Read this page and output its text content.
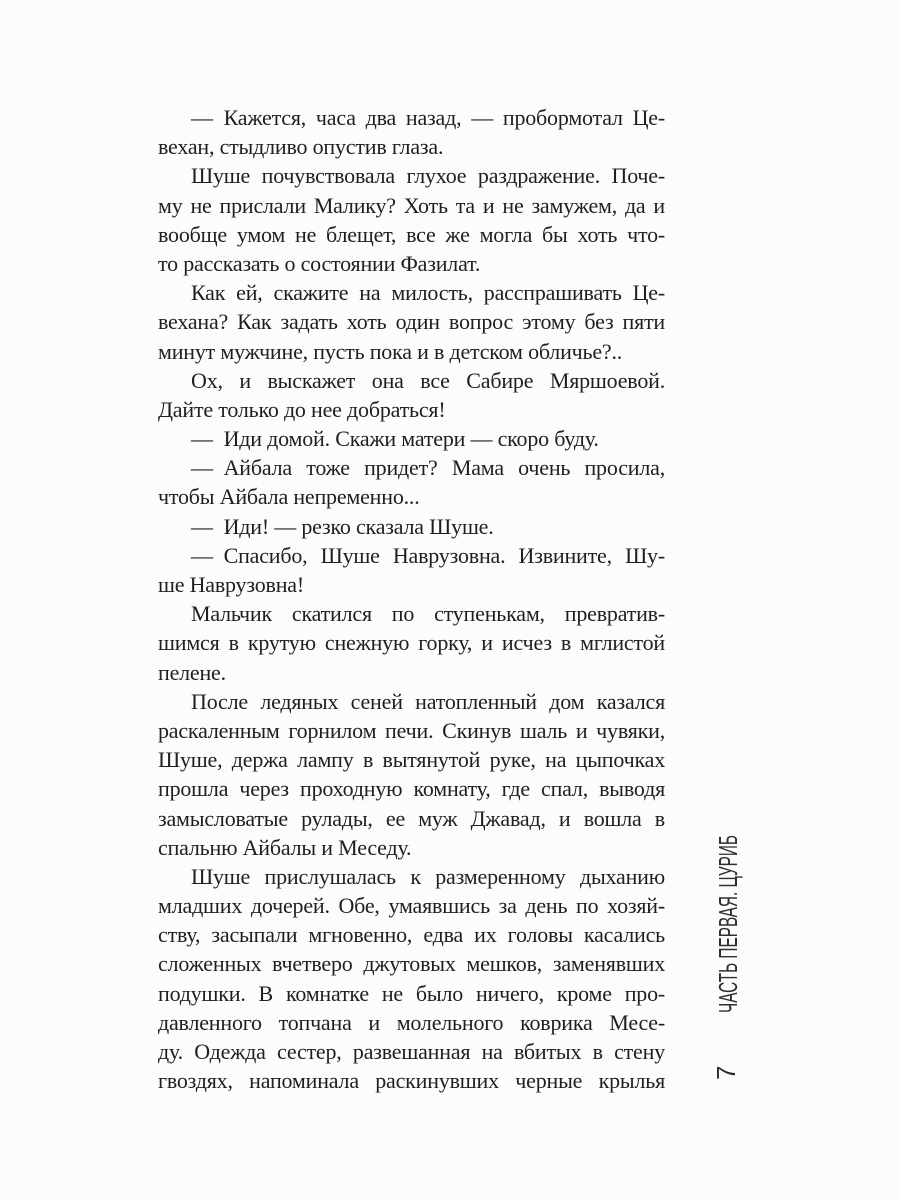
— Кажется, часа два назад, — пробормотал Це-
вехан, стыдливо опустив глаза.
Шуше почувствовала глухое раздражение. Поче-
му не прислали Малику? Хоть та и не замужем, да и
вообще умом не блещет, все же могла бы хоть что-
то рассказать о состоянии Фазилат.
Как ей, скажите на милость, расспрашивать Це-
вехана? Как задать хоть один вопрос этому без пяти
минут мужчине, пусть пока и в детском обличье?..
Ох, и выскажет она все Сабире Мяршоевой.
Дайте только до нее добраться!
— Иди домой. Скажи матери — скоро буду.
— Айбала тоже придет? Мама очень просила,
чтобы Айбала непременно...
— Иди! — резко сказала Шуше.
— Спасибо, Шуше Наврузовна. Извините, Шу-
ше Наврузовна!
Мальчик скатился по ступенькам, превратив-
шимся в крутую снежную горку, и исчез в мглистой
пелене.
После ледяных сеней натопленный дом казался
раскаленным горнилом печи. Скинув шаль и чувяки,
Шуше, держа лампу в вытянутой руке, на цыпочках
прошла через проходную комнату, где спал, выводя
замысловатые рулады, ее муж Джавад, и вошла в
спальню Айбалы и Меседу.
Шуше прислушалась к размеренному дыханию
младших дочерей. Обе, умаявшись за день по хозяй-
ству, засыпали мгновенно, едва их головы касались
сложенных вчетверо джутовых мешков, заменявших
подушки. В комнатке не было ничего, кроме про-
давленного топчана и молельного коврика Месе-
ду. Одежда сестер, развешанная на вбитых в стену
гвоздях, напоминала раскинувших черные крылья
ЧАСТЬ ПЕРВАЯ. ЦУРИБ
7
